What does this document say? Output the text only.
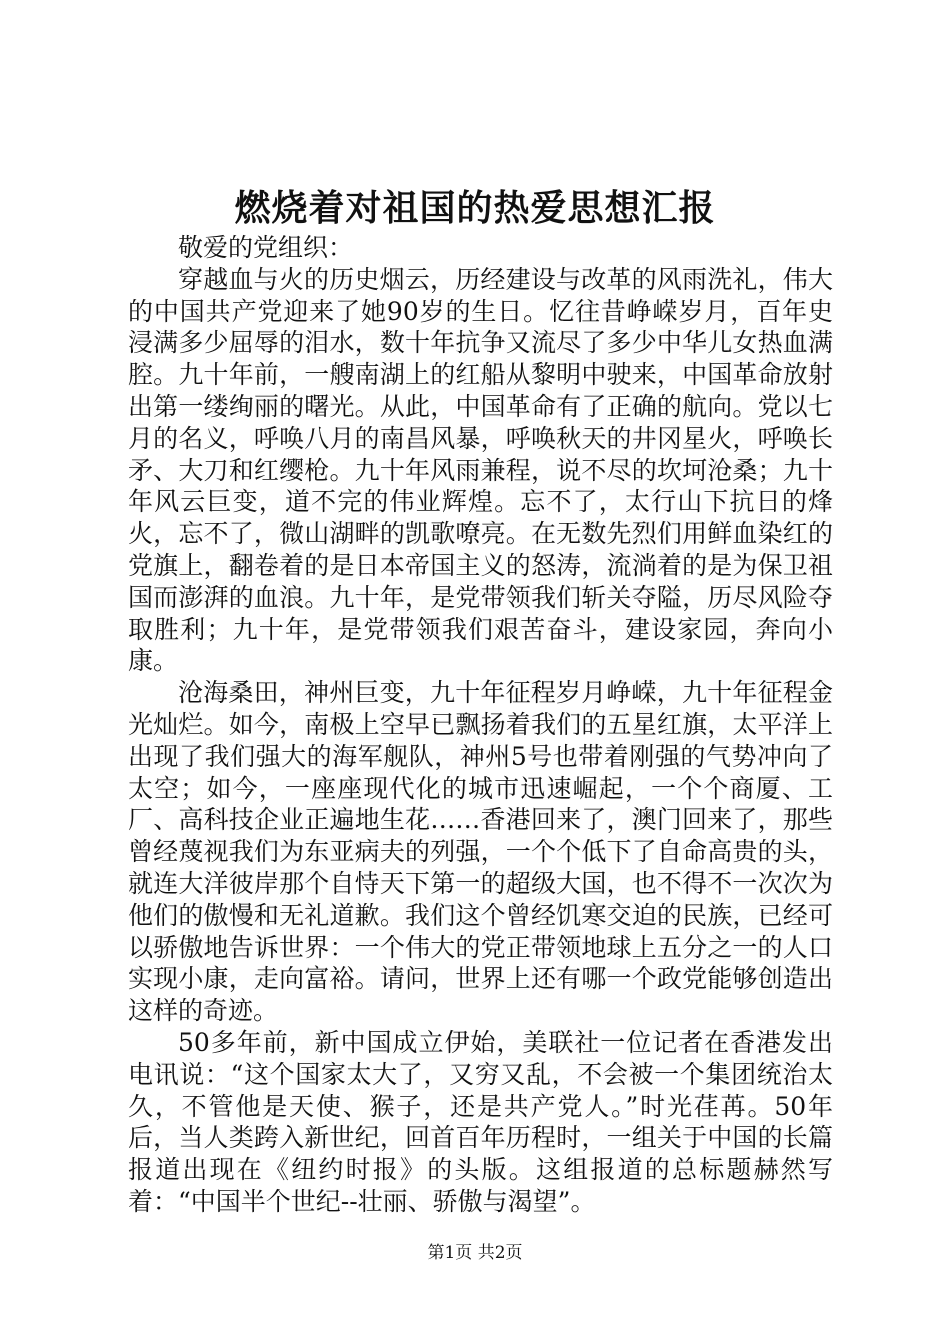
燃烧着对祖国的热爱思想汇报

敬爱的党组织：

穿越血与火的历史烟云，历经建设与改革的风雨洗礼，伟大的中国共产党迎来了她90岁的生日。忆往昔峥嵘岁月，百年史浸满多少屈辱的泪水，数十年抗争又流尽了多少中华儿女热血满腔。九十年前，一艘南湖上的红船从黎明中驶来，中国革命放射出第一缕绚丽的曙光。从此，中国革命有了正确的航向。党以七月的名义，呼唤八月的南昌风暴，呼唤秋天的井冈星火，呼唤长矛、大刀和红缨枪。九十年风雨兼程，说不尽的坎坷沧桑；九十年风云巨变，道不完的伟业辉煌。忘不了，太行山下抗日的烽火，忘不了，微山湖畔的凯歌嘹亮。在无数先烈们用鲜血染红的党旗上，翻卷着的是日本帝国主义的怒涛，流淌着的是为保卫祖国而澎湃的血浪。九十年，是党带领我们斩关夺隘，历尽风险夺取胜利；九十年，是党带领我们艰苦奋斗，建设家园，奔向小康。

沧海桑田，神州巨变，九十年征程岁月峥嵘，九十年征程金光灿烂。如今，南极上空早已飘扬着我们的五星红旗，太平洋上出现了我们强大的海军舰队，神州5号也带着刚强的气势冲向了太空；如今，一座座现代化的城市迅速崛起，一个个商厦、工厂、高科技企业正遍地生花……香港回来了，澳门回来了，那些曾经蔑视我们为东亚病夫的列强，一个个低下了自命高贵的头，就连大洋彼岸那个自恃天下第一的超级大国，也不得不一次次为他们的傲慢和无礼道歉。我们这个曾经饥寒交迫的民族，已经可以骄傲地告诉世界：一个伟大的党正带领地球上五分之一的人口实现小康，走向富裕。请问，世界上还有哪一个政党能够创造出这样的奇迹。

50多年前，新中国成立伊始，美联社一位记者在香港发出电讯说：“这个国家太大了，又穷又乱，不会被一个集团统治太久，不管他是天使、猴子，还是共产党人。”时光荏苒。50年后，当人类跨入新世纪，回首百年历程时，一组关于中国的长篇报道出现在《纽约时报》的头版。这组报道的总标题赫然写着：“中国半个世纪--壮丽、骄傲与渴望”。

第1页 共2页
